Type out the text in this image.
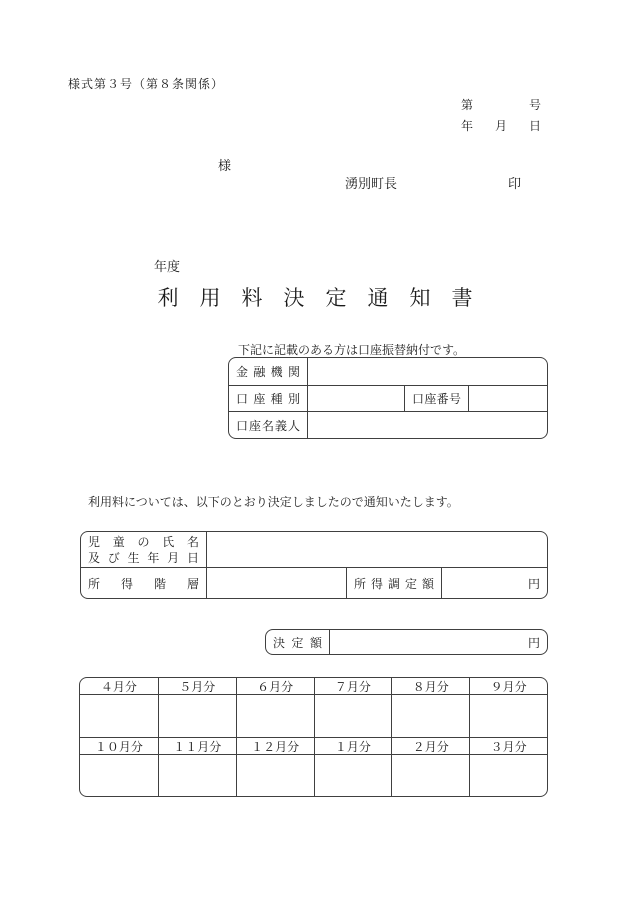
様式第３号（第８条関係）
第	号
年 月 日
様
湧別町長	印
年度
利用料決定通知書
下記に記載のある方は口座振替納付です。
金融機関
口座種別	口座番号
口座名義人
利用料については、以下のとおり決定しましたので通知いたします。
児童の氏名
及び生年月日
所得階層	所得調定額	円
決定額	円
４月分	５月分	６月分	７月分	８月分	９月分
１０月分	１１月分	１２月分	１月分	２月分	３月分
